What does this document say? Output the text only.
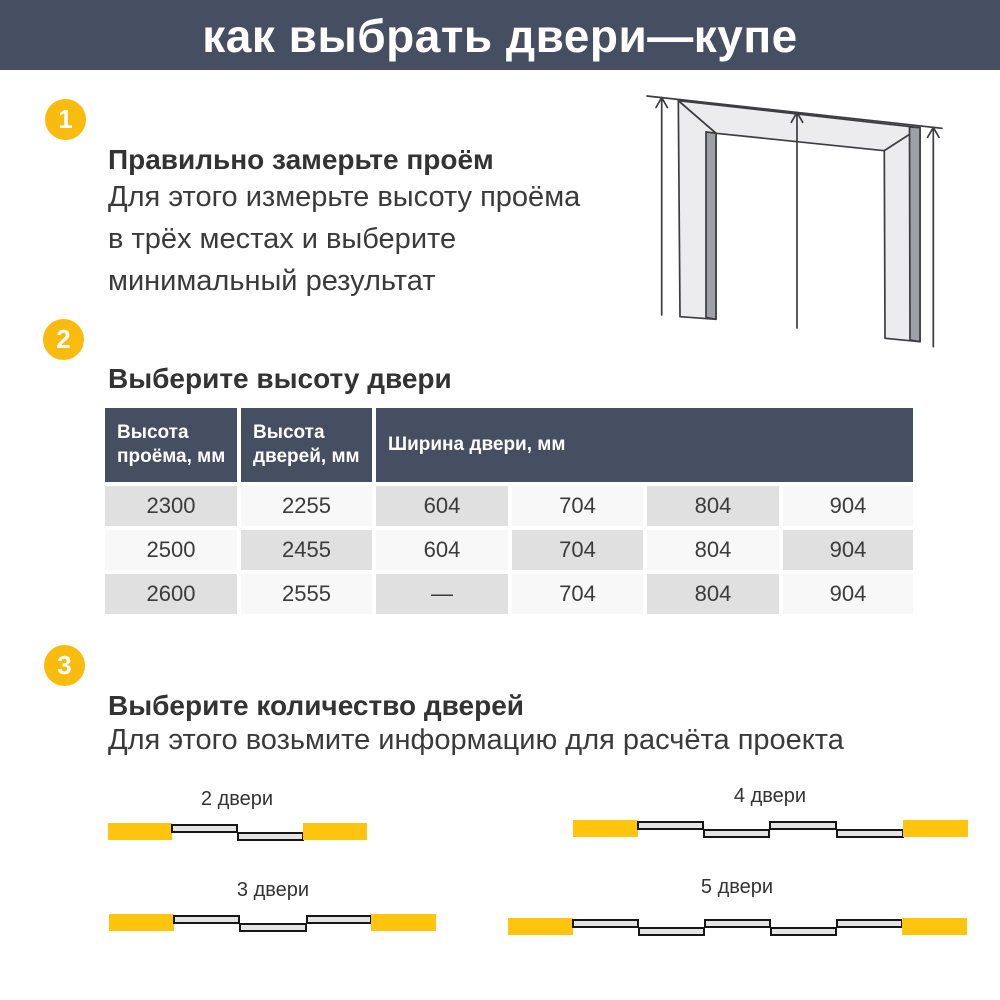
как выбрать двери—купе
1
Правильно замерьте проём
Для этого измерьте высоту проёма
в трёх местах и выберите
минимальный результат
2
Выберите высоту двери
Высота проёма, мм
Высота дверей, мм
Ширина двери, мм
2300	2255	604	704	804	904
2500	2455	604	704	804	904
2600	2555	—	704	804	904
3
Выберите количество дверей
Для этого возьмите информацию для расчёта проекта
2 двери	4 двери
3 двери	5 двери
